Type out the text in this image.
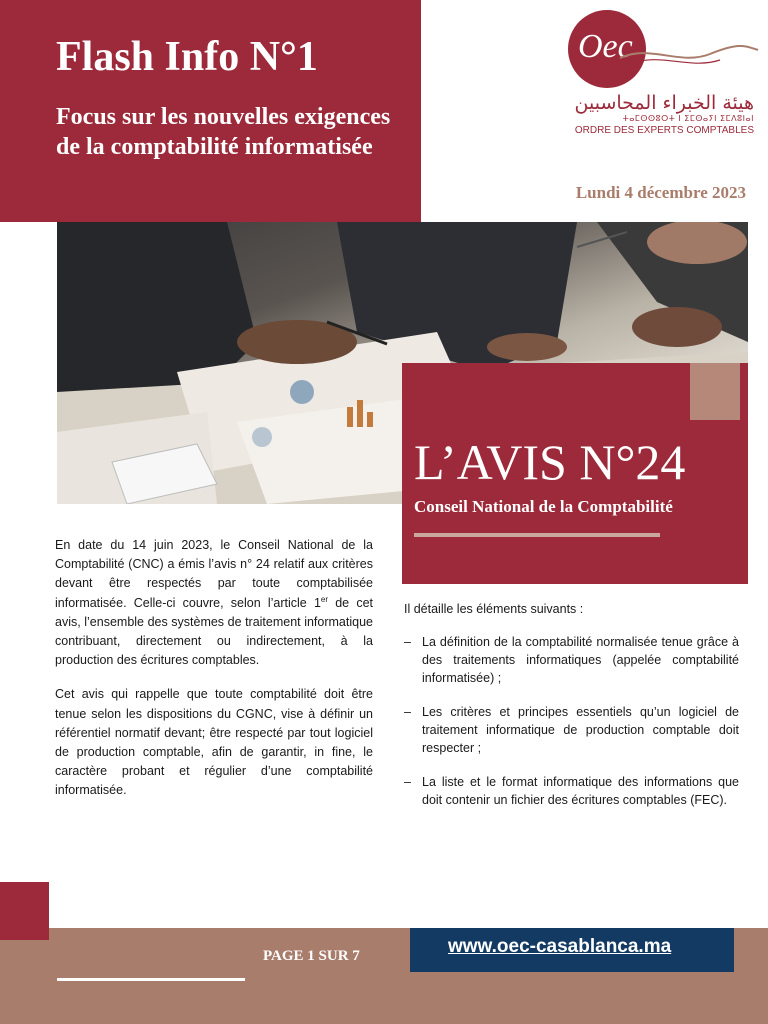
Flash Info N°1
Focus sur les nouvelles exigences de la comptabilité informatisée
Oec
هيئة الخبراء المحاسبين
ⵜⴰⵎⵙⵙⵓⵔⵜ ⵏ ⵉⵎⵙⴰⵢⵏ ⵉⵎⴷⵓⵏⴰⵏ
ORDRE DES EXPERTS COMPTABLES
Lundi 4 décembre 2023
L’AVIS N°24
Conseil National de la Comptabilité

En date du 14 juin 2023, le Conseil National de la Comptabilité (CNC) a émis l’avis n° 24 relatif aux critères devant être respectés par toute comptabilisée informatisée. Celle-ci couvre, selon l’article 1er de cet avis, l’ensemble des systèmes de traitement informatique contribuant, directement ou indirectement, à la production des écritures comptables.

Cet avis qui rappelle que toute comptabilité doit être tenue selon les dispositions du CGNC, vise à définir un référentiel normatif devant; être respecté par tout logiciel de production comptable, afin de garantir, in fine, le caractère probant et régulier d’une comptabilité informatisée.

Il détaille les éléments suivants :
– La définition de la comptabilité normalisée tenue grâce à des traitements informatiques (appelée comptabilité informatisée) ;
– Les critères et principes essentiels qu’un logiciel de traitement informatique de production comptable doit respecter ;
– La liste et le format informatique des informations que doit contenir un fichier des écritures comptables (FEC).
PAGE 1 SUR 7	www.oec-casablanca.ma
